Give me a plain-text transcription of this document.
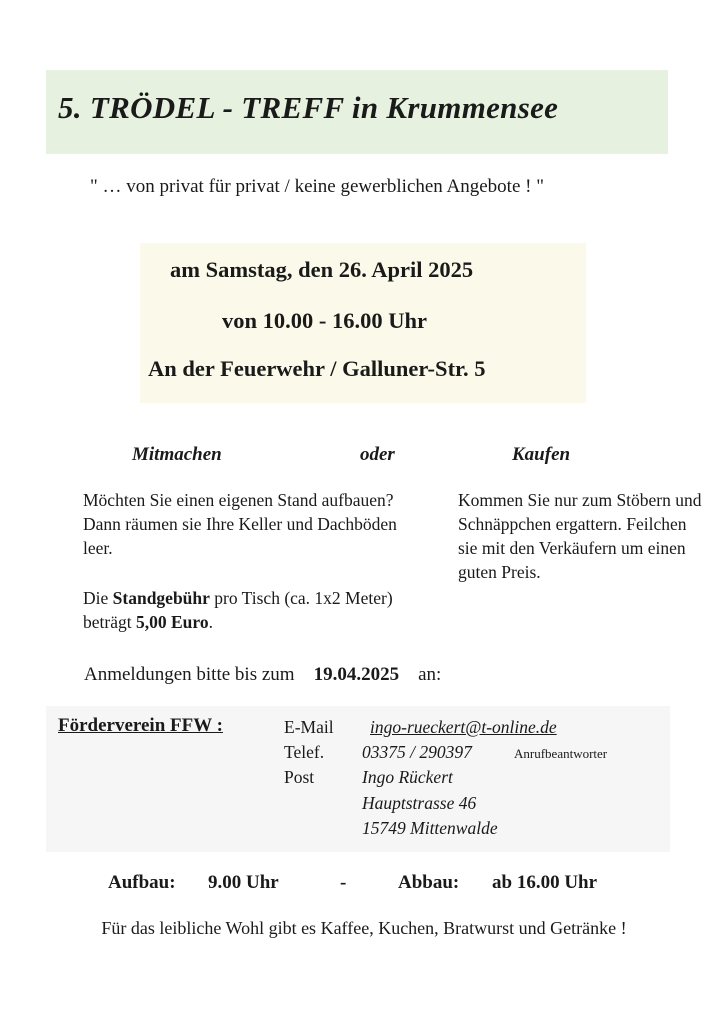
5. TRÖDEL - TREFF in Krummensee
" … von privat für privat / keine gewerblichen Angebote ! "
am Samstag, den 26. April 2025
von 10.00 - 16.00 Uhr
An der Feuerwehr / Galluner-Str. 5
Mitmachen	oder	Kaufen
Möchten Sie einen eigenen Stand aufbauen? Dann räumen sie Ihre Keller und Dachböden leer.
Die Standgebühr pro Tisch (ca. 1x2 Meter) beträgt 5,00 Euro.
Kommen Sie nur zum Stöbern und Schnäppchen ergattern. Feilchen sie mit den Verkäufern um einen guten Preis.
Anmeldungen bitte bis zum 19.04.2025 an:
Förderverein FFW :	E-Mail ingo-rueckert@t-online.de
Telef. 03375 / 290397	Anrufbeantworter
Post	Ingo Rückert
Hauptstrasse 46
15749 Mittenwalde
Aufbau: 9.00 Uhr	-	Abbau: ab 16.00 Uhr
Für das leibliche Wohl gibt es Kaffee, Kuchen, Bratwurst und Getränke !
